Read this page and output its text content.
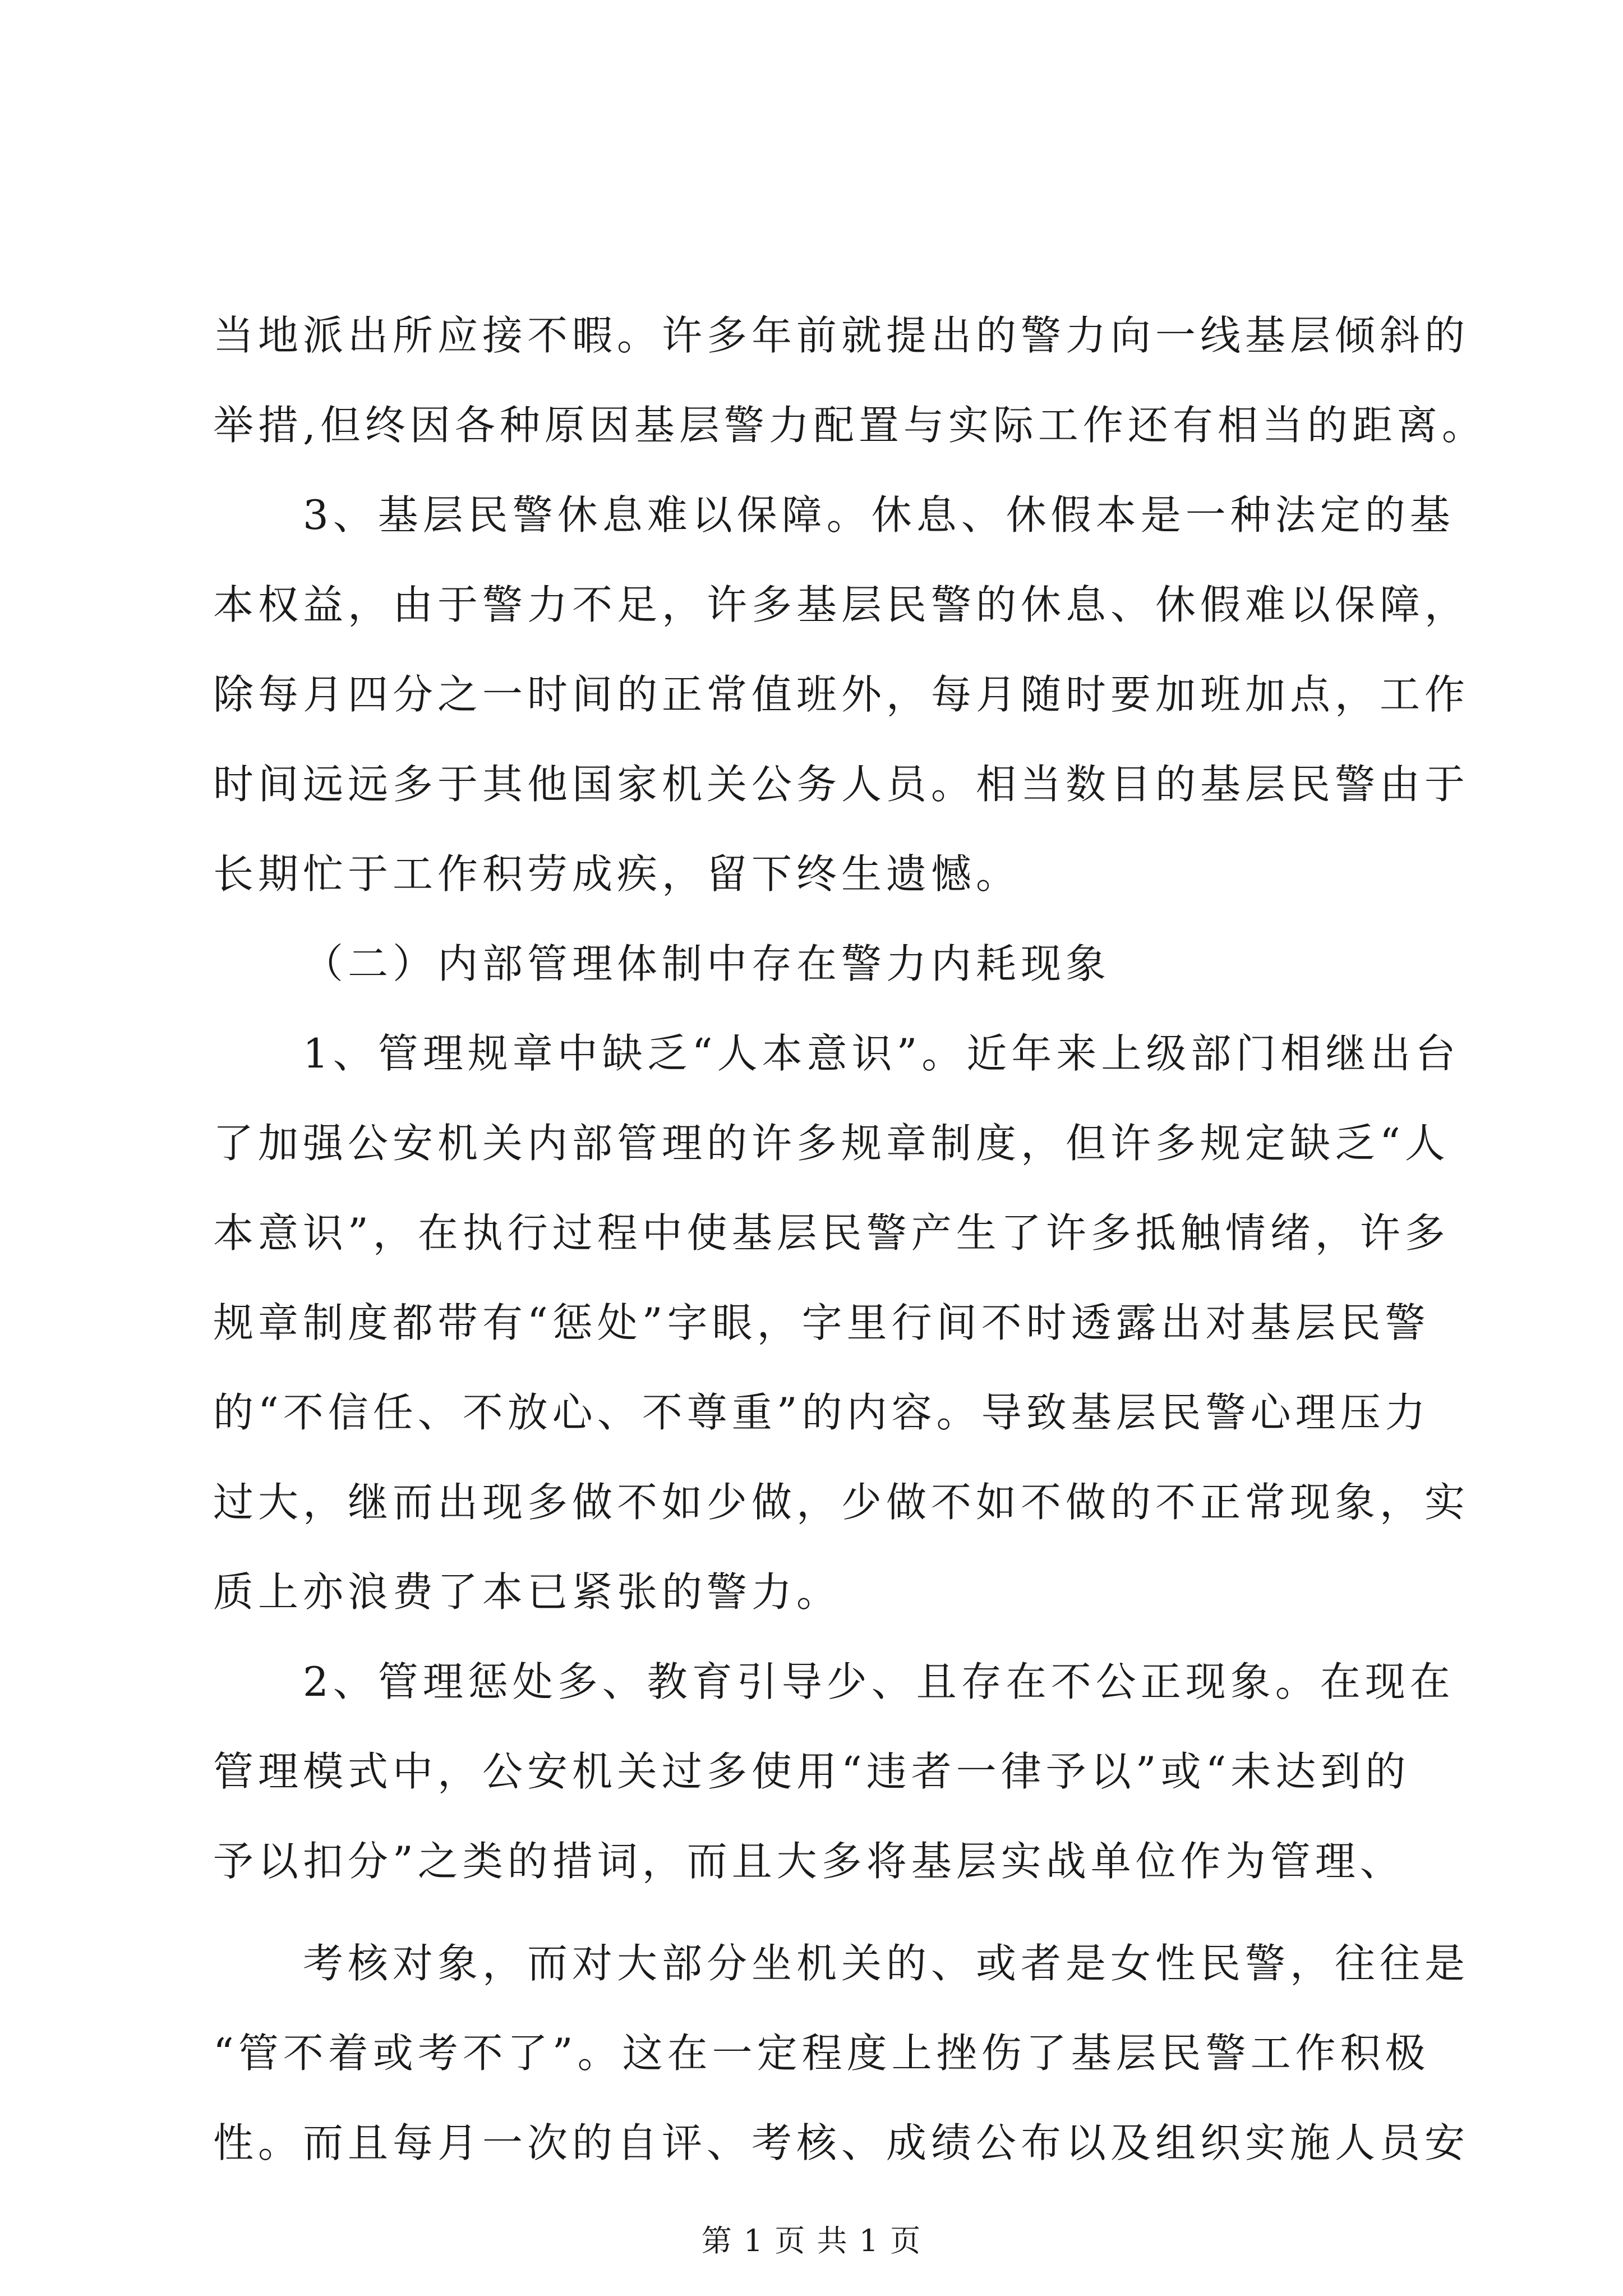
当地派出所应接不暇。许多年前就提出的警力向一线基层倾斜的
举措,但终因各种原因基层警力配置与实际工作还有相当的距离。
3、基层民警休息难以保障。休息、休假本是一种法定的基
本权益，由于警力不足，许多基层民警的休息、休假难以保障，
除每月四分之一时间的正常值班外，每月随时要加班加点，工作
时间远远多于其他国家机关公务人员。相当数目的基层民警由于
长期忙于工作积劳成疾，留下终生遗憾。
（二）内部管理体制中存在警力内耗现象
1、管理规章中缺乏“人本意识”。近年来上级部门相继出台
了加强公安机关内部管理的许多规章制度，但许多规定缺乏“人
本意识”，在执行过程中使基层民警产生了许多抵触情绪，许多
规章制度都带有“惩处”字眼，字里行间不时透露出对基层民警
的“不信任、不放心、不尊重”的内容。导致基层民警心理压力
过大，继而出现多做不如少做，少做不如不做的不正常现象，实
质上亦浪费了本已紧张的警力。
2、管理惩处多、教育引导少、且存在不公正现象。在现在
管理模式中，公安机关过多使用“违者一律予以”或“未达到的
予以扣分”之类的措词，而且大多将基层实战单位作为管理、
考核对象，而对大部分坐机关的、或者是女性民警，往往是
“管不着或考不了”。这在一定程度上挫伤了基层民警工作积极
性。而且每月一次的自评、考核、成绩公布以及组织实施人员安
第 1 页 共 1 页
